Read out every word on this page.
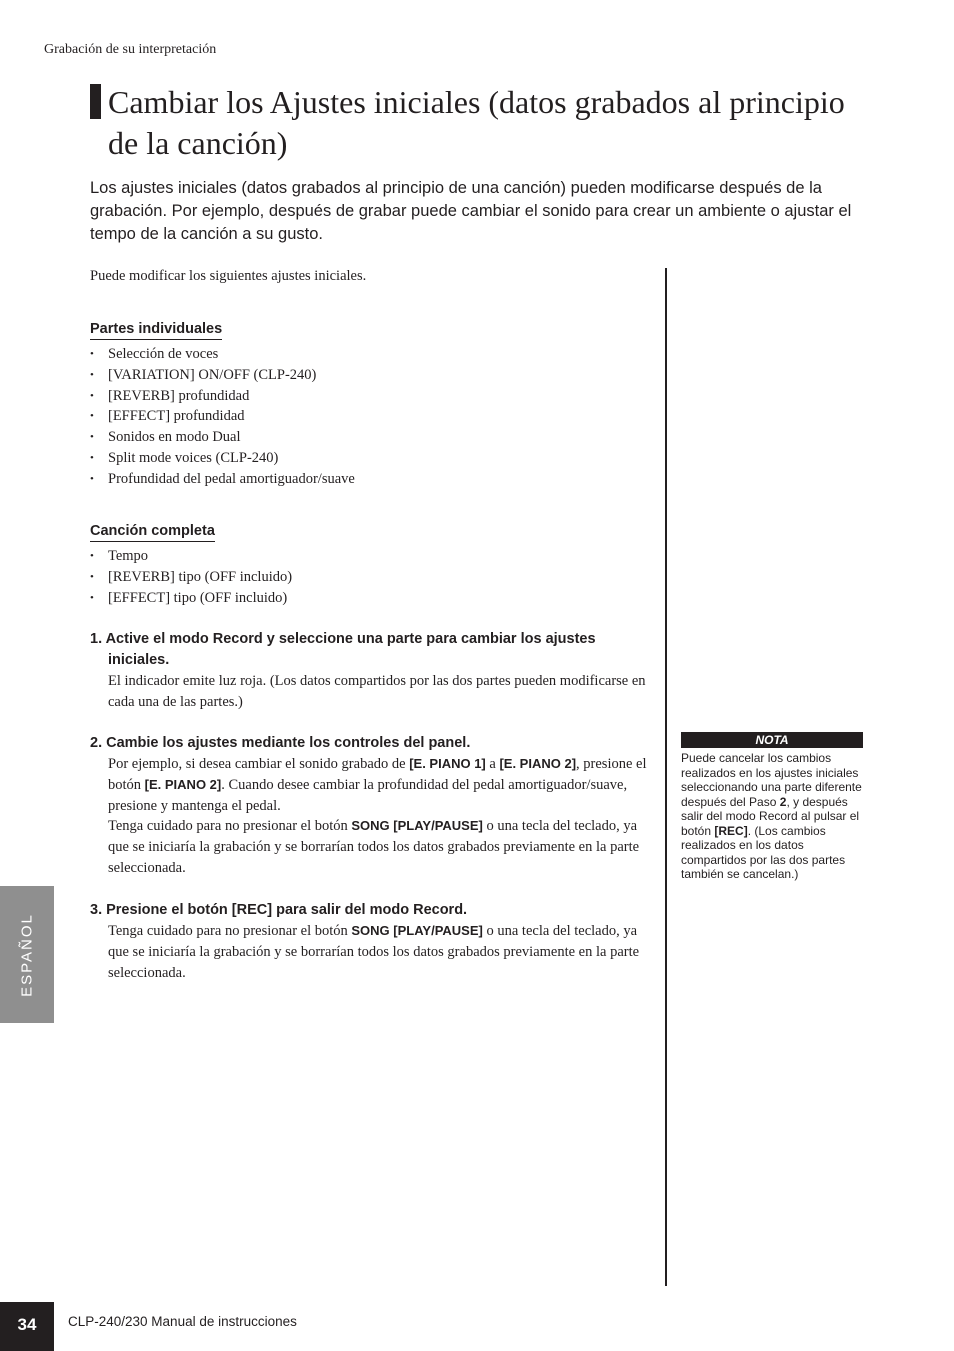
Grabación de su interpretación
Cambiar los Ajustes iniciales (datos grabados al principio de la canción)

Los ajustes iniciales (datos grabados al principio de una canción) pueden modificarse después de la grabación. Por ejemplo, después de grabar puede cambiar el sonido para crear un ambiente o ajustar el tempo de la canción a su gusto.

Puede modificar los siguientes ajustes iniciales.
Partes individuales
• Selección de voces
• [VARIATION] ON/OFF (CLP-240)
• [REVERB] profundidad
• [EFFECT] profundidad
• Sonidos en modo Dual
• Split mode voices (CLP-240)
• Profundidad del pedal amortiguador/suave
Canción completa
• Tempo
• [REVERB] tipo (OFF incluido)
• [EFFECT] tipo (OFF incluido)
1. Active el modo Record y seleccione una parte para cambiar los ajustes iniciales.
El indicador emite luz roja. (Los datos compartidos por las dos partes pueden modificarse en cada una de las partes.)
2. Cambie los ajustes mediante los controles del panel.
Por ejemplo, si desea cambiar el sonido grabado de [E. PIANO 1] a [E. PIANO 2], presione el botón [E. PIANO 2]. Cuando desee cambiar la profundidad del pedal amortiguador/suave, presione y mantenga el pedal.
Tenga cuidado para no presionar el botón SONG [PLAY/PAUSE] o una tecla del teclado, ya que se iniciaría la grabación y se borrarían todos los datos grabados previamente en la parte seleccionada.
3. Presione el botón [REC] para salir del modo Record.
Tenga cuidado para no presionar el botón SONG [PLAY/PAUSE] o una tecla del teclado, ya que se iniciaría la grabación y se borrarían todos los datos grabados previamente en la parte seleccionada.
NOTA
Puede cancelar los cambios realizados en los ajustes iniciales seleccionando una parte diferente después del Paso 2, y después salir del modo Record al pulsar el botón [REC]. (Los cambios realizados en los datos compartidos por las dos partes también se cancelan.)
ESPAÑOL
34	CLP-240/230 Manual de instrucciones
